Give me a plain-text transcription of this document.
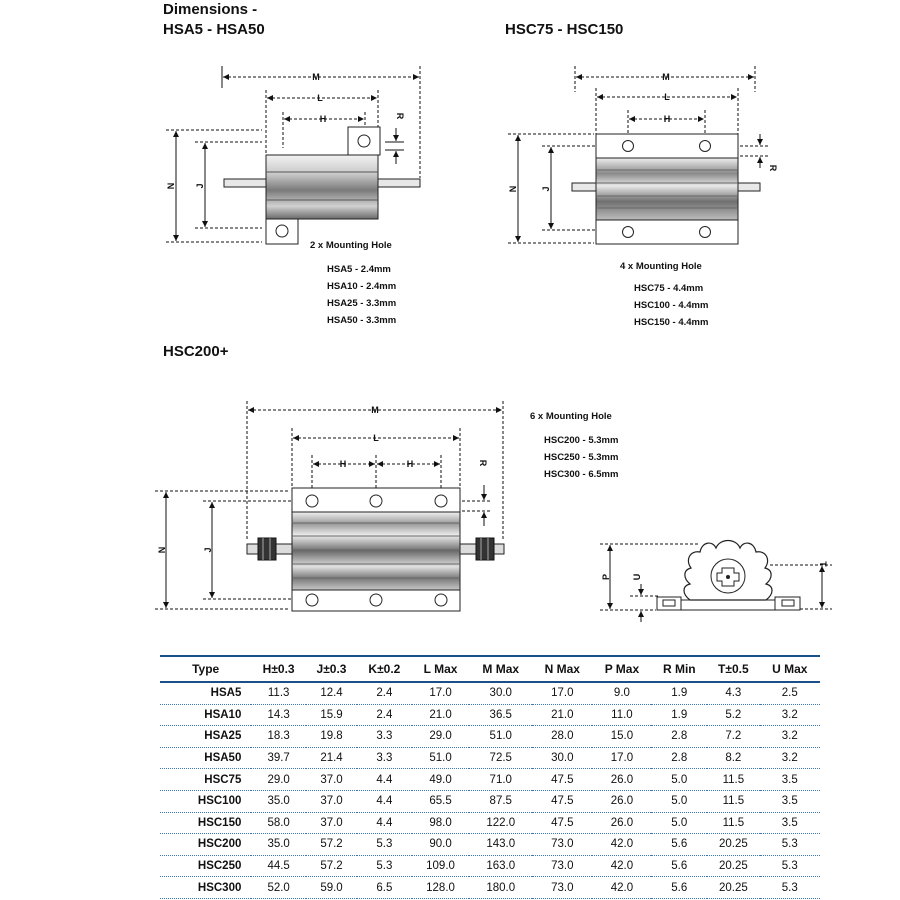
Dimensions -
HSA5 - HSA50	HSC75 - HSC150
HSC200+
M
L
H	R
N J
M
L
H
R
N	J
2 x Mounting Hole
HSA5 - 2.4mm
HSA10 - 2.4mm
HSA25 - 3.3mm
HSA50 - 3.3mm
4 x Mounting Hole
HSC75 - 4.4mm
HSC100 - 4.4mm
HSC150 - 4.4mm
M
L
H	H	R
N	J
P U
T
6 x Mounting Hole
HSC200 - 5.3mm
HSC250 - 5.3mm
HSC300 - 6.5mm
Type	H±0.3	J±0.3	K±0.2	L Max	M Max	N Max	P Max	R Min	T±0.5	U Max
HSA5	11.3	12.4	2.4	17.0	30.0	17.0	9.0	1.9	4.3	2.5
HSA10	14.3	15.9	2.4	21.0	36.5	21.0	11.0	1.9	5.2	3.2
HSA25	18.3	19.8	3.3	29.0	51.0	28.0	15.0	2.8	7.2	3.2
HSA50	39.7	21.4	3.3	51.0	72.5	30.0	17.0	2.8	8.2	3.2
HSC75	29.0	37.0	4.4	49.0	71.0	47.5	26.0	5.0	11.5	3.5
HSC100	35.0	37.0	4.4	65.5	87.5	47.5	26.0	5.0	11.5	3.5
HSC150	58.0	37.0	4.4	98.0	122.0	47.5	26.0	5.0	11.5	3.5
HSC200	35.0	57.2	5.3	90.0	143.0	73.0	42.0	5.6	20.25	5.3
HSC250	44.5	57.2	5.3	109.0	163.0	73.0	42.0	5.6	20.25	5.3
HSC300	52.0	59.0	6.5	128.0	180.0	73.0	42.0	5.6	20.25	5.3
